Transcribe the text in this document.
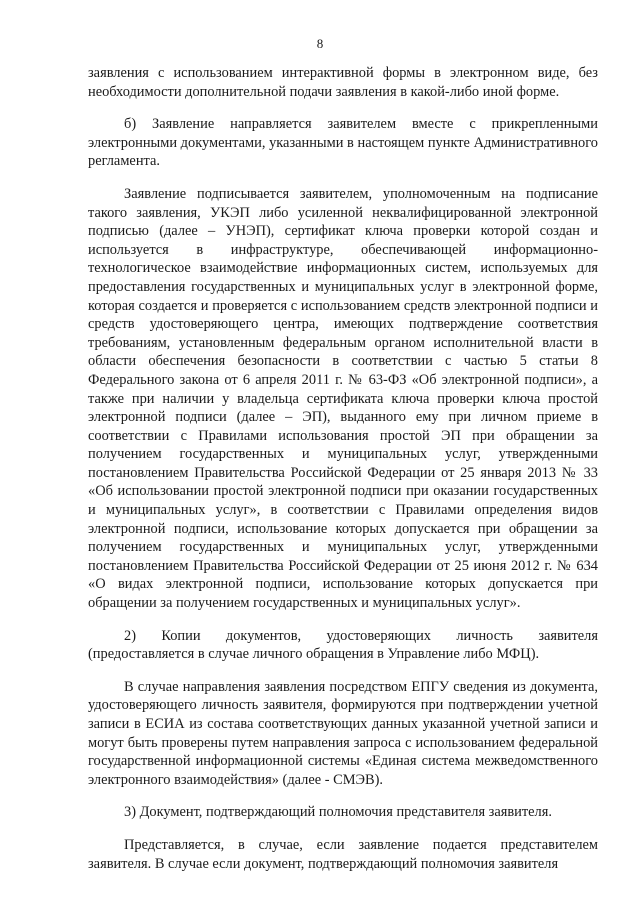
8

заявления с использованием интерактивной формы в электронном виде, без необходимости дополнительной подачи заявления в какой-либо иной форме.

б) Заявление направляется заявителем вместе с прикрепленными электронными документами, указанными в настоящем пункте Административного регламента.

Заявление подписывается заявителем, уполномоченным на подписание такого заявления, УКЭП либо усиленной неквалифицированной электронной подписью (далее – УНЭП), сертификат ключа проверки которой создан и используется в инфраструктуре, обеспечивающей информационно-технологическое взаимодействие информационных систем, используемых для предоставления государственных и муниципальных услуг в электронной форме, которая создается и проверяется с использованием средств электронной подписи и средств удостоверяющего центра, имеющих подтверждение соответствия требованиям, установленным федеральным органом исполнительной власти в области обеспечения безопасности в соответствии с частью 5 статьи 8 Федерального закона от 6 апреля 2011 г. № 63-ФЗ «Об электронной подписи», а также при наличии у владельца сертификата ключа проверки ключа простой электронной подписи (далее – ЭП), выданного ему при личном приеме в соответствии с Правилами использования простой ЭП при обращении за получением государственных и муниципальных услуг, утвержденными постановлением Правительства Российской Федерации от 25 января 2013 № 33 «Об использовании простой электронной подписи при оказании государственных и муниципальных услуг», в соответствии с Правилами определения видов электронной подписи, использование которых допускается при обращении за получением государственных и муниципальных услуг, утвержденными постановлением Правительства Российской Федерации от 25 июня 2012 г. № 634 «О видах электронной подписи, использование которых допускается при обращении за получением государственных и муниципальных услуг».

2) Копии документов, удостоверяющих личность заявителя (предоставляется в случае личного обращения в Управление либо МФЦ).

В случае направления заявления посредством ЕПГУ сведения из документа, удостоверяющего личность заявителя, формируются при подтверждении учетной записи в ЕСИА из состава соответствующих данных указанной учетной записи и могут быть проверены путем направления запроса с использованием федеральной государственной информационной системы «Единая система межведомственного электронного взаимодействия» (далее - СМЭВ).

3) Документ, подтверждающий полномочия представителя заявителя.

Представляется, в случае, если заявление подается представителем заявителя. В случае если документ, подтверждающий полномочия заявителя
